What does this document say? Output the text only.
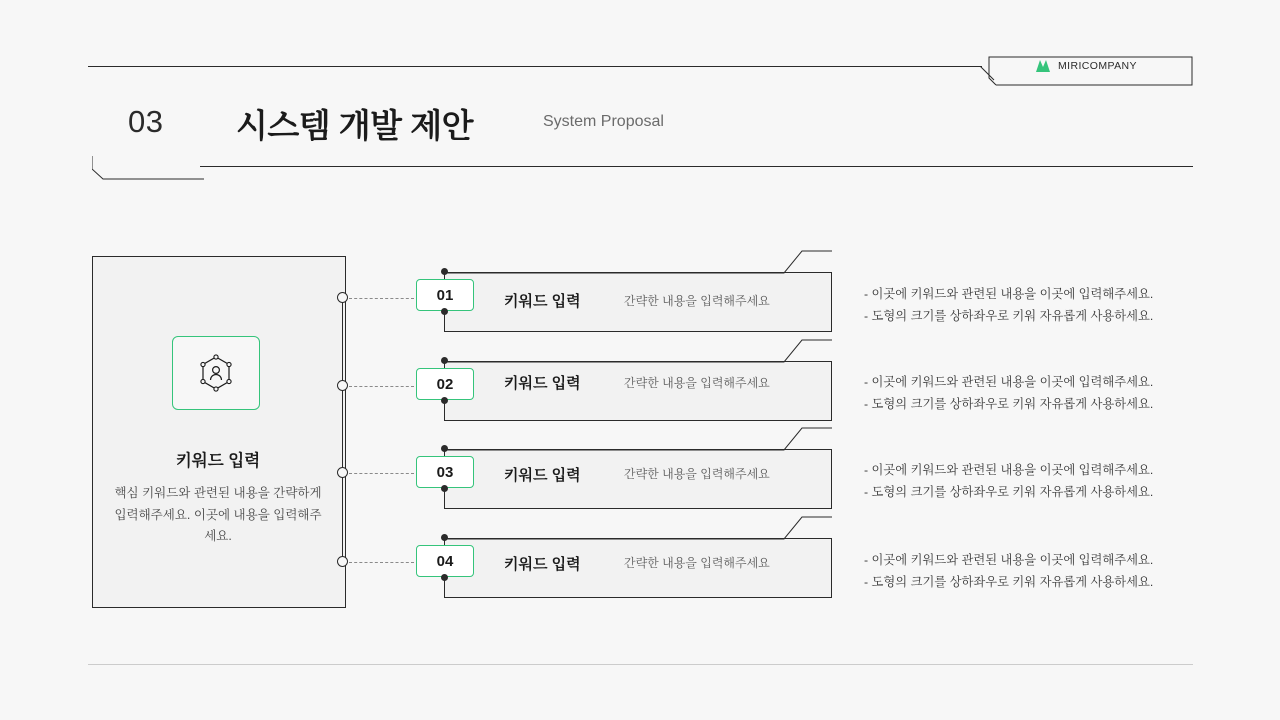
MIRICOMPANY
03 시스템 개발 제안	System Proposal
키워드 입력
핵심 키워드와 관련된 내용을 간략하게 입력해주세요. 이곳에 내용을 입력해주세요.
01	키워드 입력	간략한 내용을 입력해주세요	- 이곳에 키워드와 관련된 내용을 이곳에 입력해주세요.
- 도형의 크기를 상하좌우로 키워 자유롭게 사용하세요.
02	키워드 입력	간략한 내용을 입력해주세요	- 이곳에 키워드와 관련된 내용을 이곳에 입력해주세요.
- 도형의 크기를 상하좌우로 키워 자유롭게 사용하세요.
03	키워드 입력	간략한 내용을 입력해주세요	- 이곳에 키워드와 관련된 내용을 이곳에 입력해주세요.
- 도형의 크기를 상하좌우로 키워 자유롭게 사용하세요.
04	키워드 입력	간략한 내용을 입력해주세요	- 이곳에 키워드와 관련된 내용을 이곳에 입력해주세요.
- 도형의 크기를 상하좌우로 키워 자유롭게 사용하세요.
